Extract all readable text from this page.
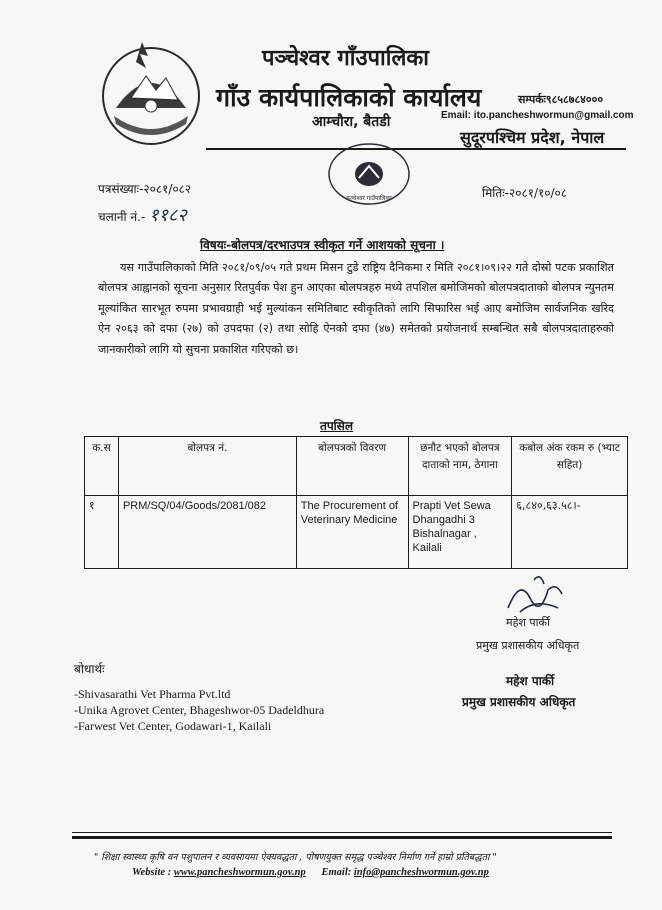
पञ्चेश्वर गाँउपालिका
गाँउ कार्यपालिकाको कार्यालय
आम्चौरा, बैतडी
सम्पर्कः९८५८७८४०००
Email: ito.pancheshwormun@gmail.com
सुदूरपश्चिम प्रदेश, नेपाल
पञ्चेश्वर गाउँपालिका
पत्रसंख्याः-२०८१/०८२
चलानी नं.- ११८२
मितिः-२०८१/१०/०८
विषयः-बोलपत्र/दरभाउपत्र स्वीकृत गर्ने आशयको सूचना ।
यस गाउँपालिकाको मिति २०८१/०९/०५ गते प्रथम मिसन टुडे राष्ट्रिय दैनिकमा र मिति २०८१।०९।२२ गते दोस्रो पटक प्रकाशित बोलपत्र आह्वानको सूचना अनुसार रितपुर्वक पेश हुन आएका बोलपत्रहरु मध्ये तपशिल बमोजिमको बोलपत्रदाताको बोलपत्र न्युनतम मूल्यांकित सारभूत रुपमा प्रभावग्राही भई मुल्यांकन समितिबाट स्वीकृतिको लागि सिफारिस भई आए बमोजिम सार्वजनिक खरिद ऐन २०६३ को दफा (२७) को उपदफा (२) तथा सोहि ऐनको दफा (४७) समेतको प्रयोजनार्थ सम्बन्धित सबै बोलपत्रदाताहरुको जानकारीको लागि यो सुचना प्रकाशित गरिएको छ।
तपसिल
क.स	बोलपत्र नं.	बोलपत्रको विवरण	छनौट भएको बोलपत्र दाताको नाम, ठेगाना	कबोल अंक रकम रु (भ्याट सहित)
१	PRM/SQ/04/Goods/2081/082	The Procurement of Veterinary Medicine	Prapti Vet Sewa Dhangadhi 3 Bishalnagar , Kailali	६,८४०,६३.५८।-
महेश पार्की
प्रमुख प्रशासकीय अधिकृत
महेश पार्की
प्रमुख प्रशासकीय अधिकृत
बोधार्थः
-Shivasarathi Vet Pharma Pvt.ltd
-Unika Agrovet Center, Bhageshwor-05 Dadeldhura
-Farwest Vet Center, Godawari-1, Kailali
" शिक्षा स्वास्थ्य कृषि वन पशुपालन र व्यवसायमा ऐक्यवद्धता , पोषणयुक्त समृद्ध पञ्चेश्वर निर्माण गर्ने हाम्रो प्रतिबद्धता "
Website : www.pancheshwormun.gov.np Email: info@pancheshwormun.gov.np
